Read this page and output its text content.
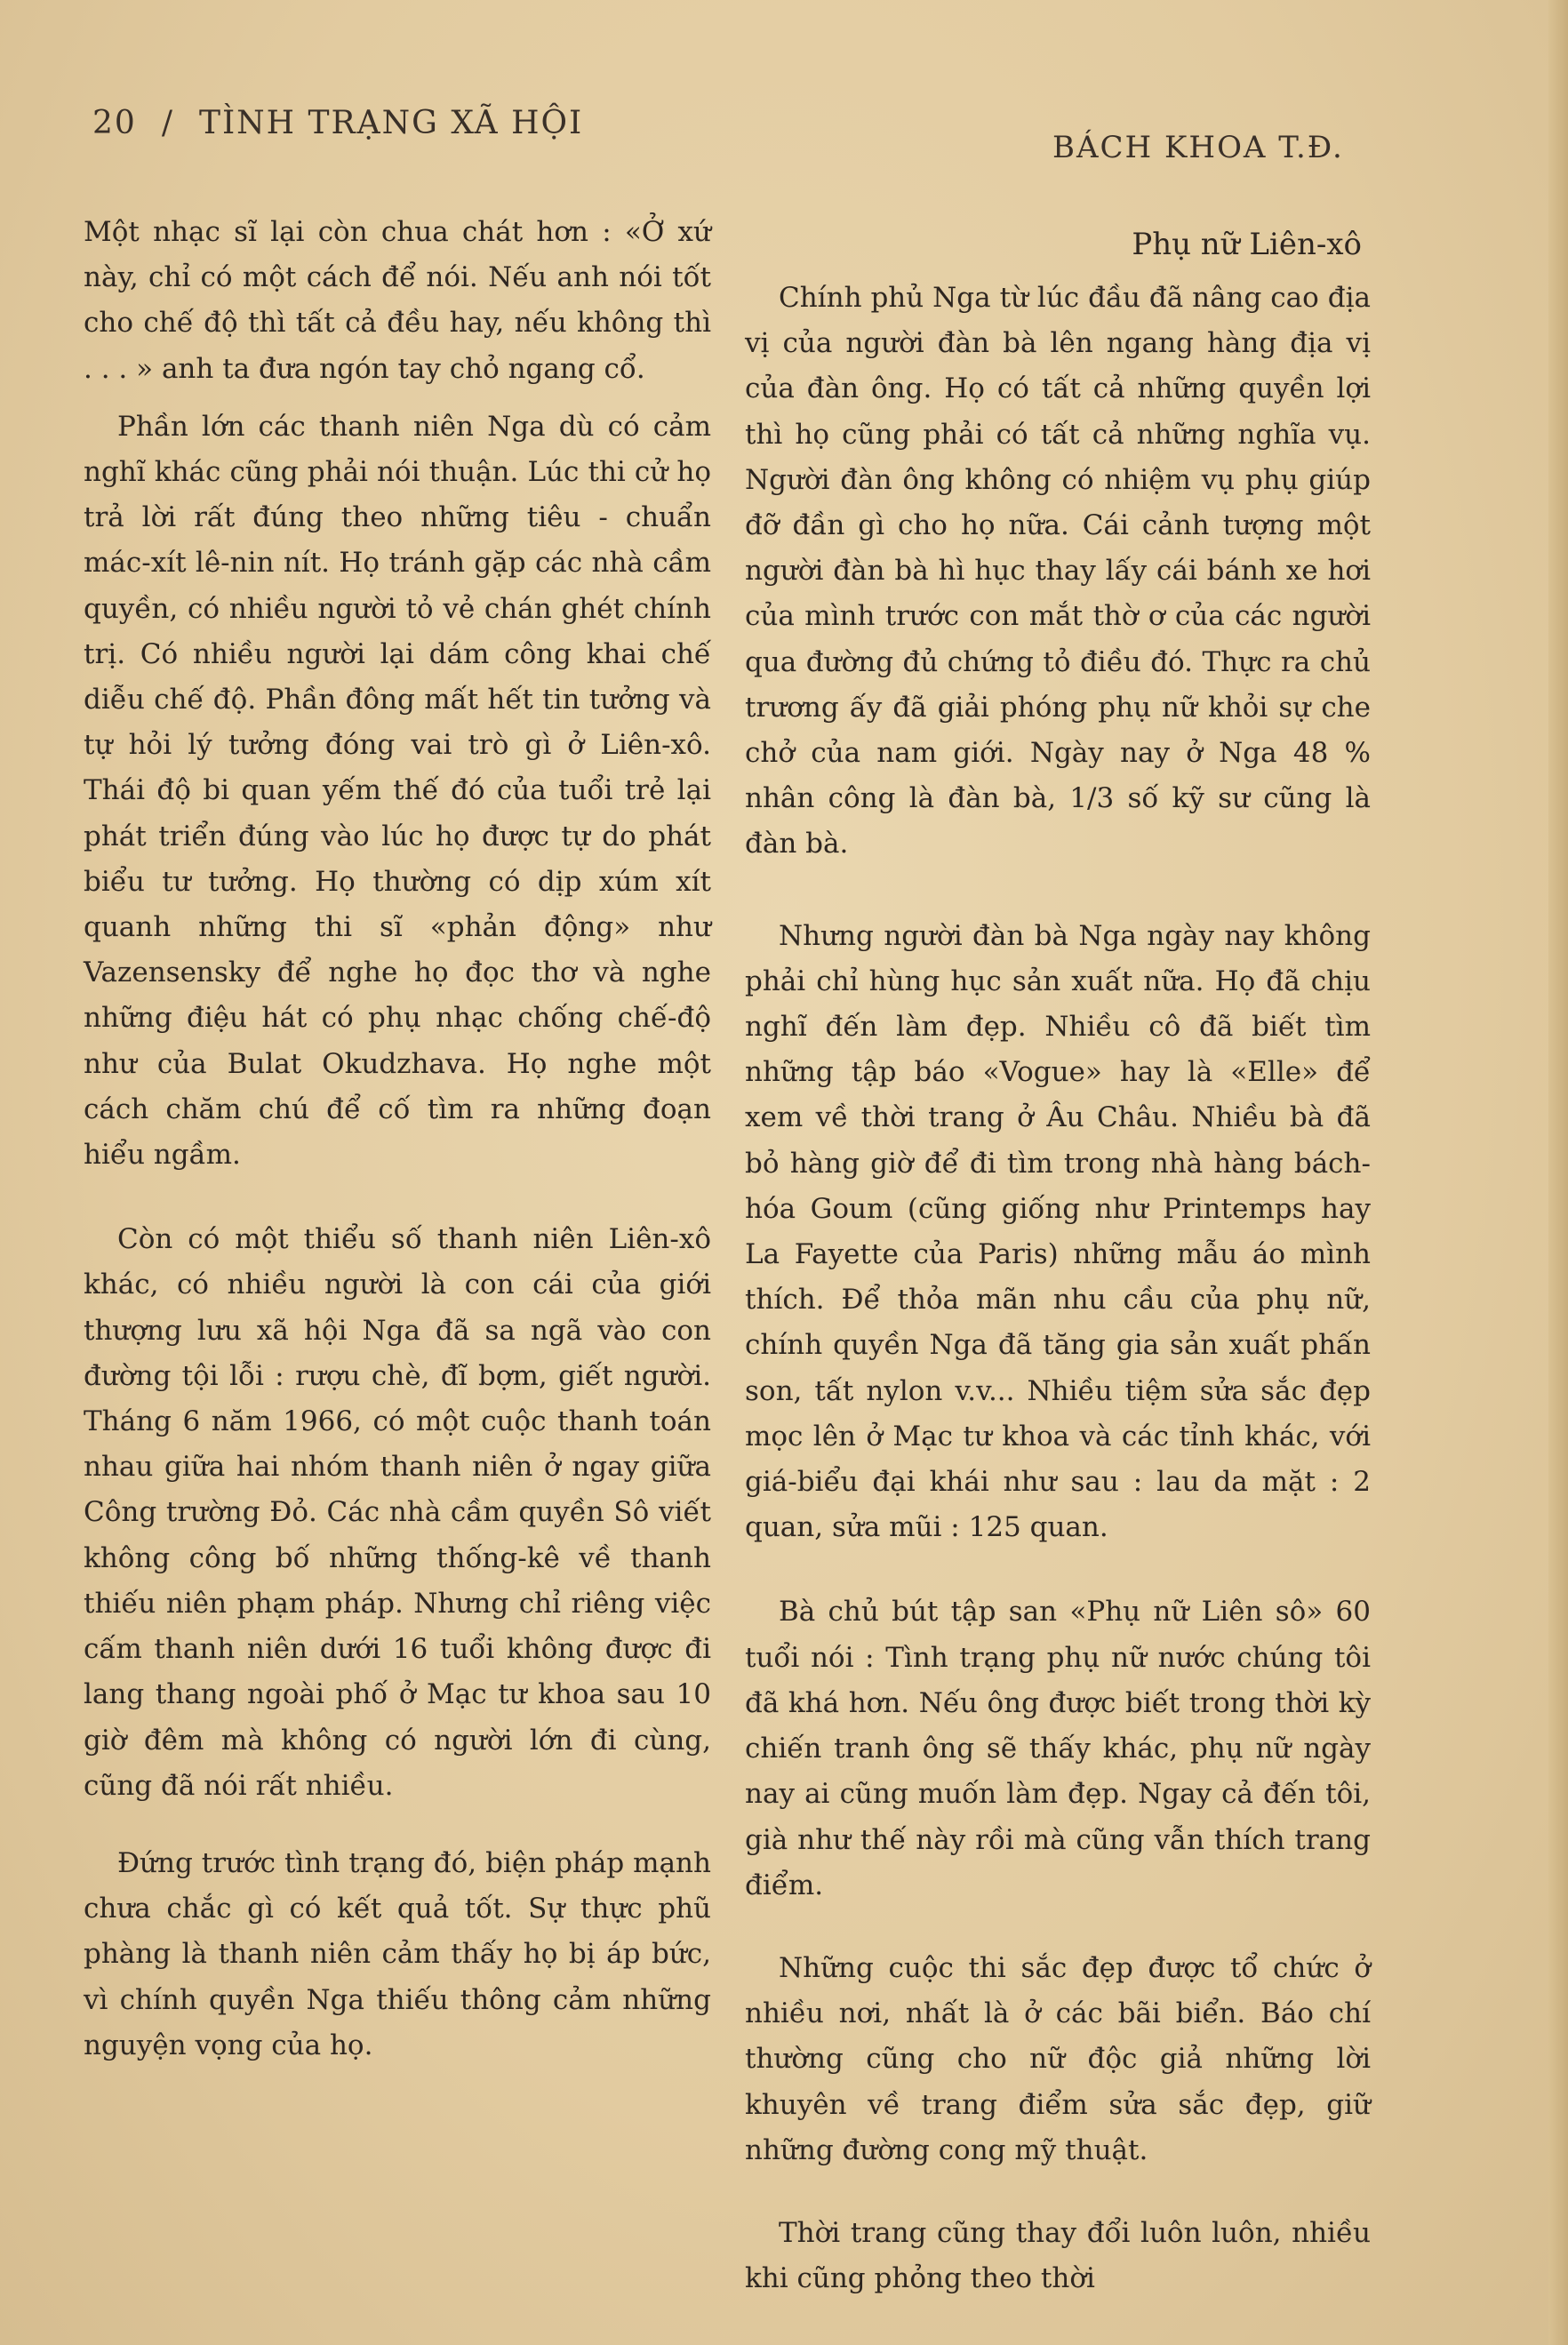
20 / TÌNH TRẠNG XÃ HỘI
BÁCH KHOA T.Đ.

Một nhạc sĩ lại còn chua chát hơn : «Ở xứ này, chỉ có một cách để nói. Nếu anh nói tốt cho chế độ thì tất cả đều hay, nếu không thì . . . » anh ta đưa ngón tay chỏ ngang cổ.

Phần lớn các thanh niên Nga dù có cảm nghĩ khác cũng phải nói thuận. Lúc thi cử họ trả lời rất đúng theo những tiêu - chuẩn mác-xít lê-nin nít. Họ tránh gặp các nhà cầm quyền, có nhiều người tỏ vẻ chán ghét chính trị. Có nhiều người lại dám công khai chế diễu chế độ. Phần đông mất hết tin tưởng và tự hỏi lý tưởng đóng vai trò gì ở Liên-xô. Thái độ bi quan yếm thế đó của tuổi trẻ lại phát triển đúng vào lúc họ được tự do phát biểu tư tưởng. Họ thường có dịp xúm xít quanh những thi sĩ «phản động» như Vazensensky để nghe họ đọc thơ và nghe những điệu hát có phụ nhạc chống chế-độ như của Bulat Okudzhava. Họ nghe một cách chăm chú để cố tìm ra những đoạn hiểu ngầm.

Còn có một thiểu số thanh niên Liên-xô khác, có nhiều người là con cái của giới thượng lưu xã hội Nga đã sa ngã vào con đường tội lỗi : rượu chè, đĩ bợm, giết người. Tháng 6 năm 1966, có một cuộc thanh toán nhau giữa hai nhóm thanh niên ở ngay giữa Công trường Đỏ. Các nhà cầm quyền Sô viết không công bố những thống-kê về thanh thiếu niên phạm pháp. Nhưng chỉ riêng việc cấm thanh niên dưới 16 tuổi không được đi lang thang ngoài phố ở Mạc tư khoa sau 10 giờ đêm mà không có người lớn đi cùng, cũng đã nói rất nhiều.

Đứng trước tình trạng đó, biện pháp mạnh chưa chắc gì có kết quả tốt. Sự thực phũ phàng là thanh niên cảm thấy họ bị áp bức, vì chính quyền Nga thiếu thông cảm những nguyện vọng của họ.

Phụ nữ Liên-xô

Chính phủ Nga từ lúc đầu đã nâng cao địa vị của người đàn bà lên ngang hàng địa vị của đàn ông. Họ có tất cả những quyền lợi thì họ cũng phải có tất cả những nghĩa vụ. Người đàn ông không có nhiệm vụ phụ giúp đỡ đần gì cho họ nữa. Cái cảnh tượng một người đàn bà hì hục thay lấy cái bánh xe hơi của mình trước con mắt thờ ơ của các người qua đường đủ chứng tỏ điều đó. Thực ra chủ trương ấy đã giải phóng phụ nữ khỏi sự che chở của nam giới. Ngày nay ở Nga 48 % nhân công là đàn bà, 1/3 số kỹ sư cũng là đàn bà.

Nhưng người đàn bà Nga ngày nay không phải chỉ hùng hục sản xuất nữa. Họ đã chịu nghĩ đến làm đẹp. Nhiều cô đã biết tìm những tập báo «Vogue» hay là «Elle» để xem về thời trang ở Âu Châu. Nhiều bà đã bỏ hàng giờ để đi tìm trong nhà hàng bách-hóa Goum (cũng giống như Printemps hay La Fayette của Paris) những mẫu áo mình thích. Để thỏa mãn nhu cầu của phụ nữ, chính quyền Nga đã tăng gia sản xuất phấn son, tất nylon v.v... Nhiều tiệm sửa sắc đẹp mọc lên ở Mạc tư khoa và các tỉnh khác, với giá-biểu đại khái như sau : lau da mặt : 2 quan, sửa mũi : 125 quan.

Bà chủ bút tập san «Phụ nữ Liên sô» 60 tuổi nói : Tình trạng phụ nữ nước chúng tôi đã khá hơn. Nếu ông được biết trong thời kỳ chiến tranh ông sẽ thấy khác, phụ nữ ngày nay ai cũng muốn làm đẹp. Ngay cả đến tôi, già như thế này rồi mà cũng vẫn thích trang điểm.

Những cuộc thi sắc đẹp được tổ chức ở nhiều nơi, nhất là ở các bãi biển. Báo chí thường cũng cho nữ độc giả những lời khuyên về trang điểm sửa sắc đẹp, giữ những đường cong mỹ thuật.

Thời trang cũng thay đổi luôn luôn, nhiều khi cũng phỏng theo thời
